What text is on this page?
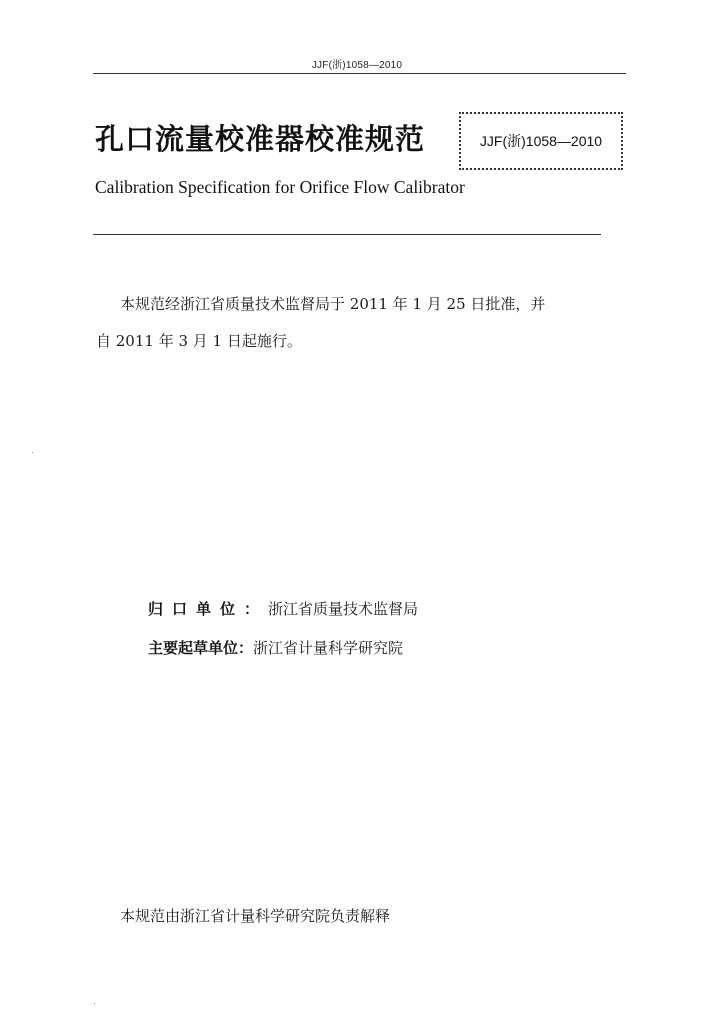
JJF(浙)1058—2010
孔口流量校准器校准规范	JJF(浙)1058—2010
Calibration Specification for Orifice Flow Calibrator
本规范经浙江省质量技术监督局于 2011 年 1 月 25 日批准，并
自 2011 年 3 月 1 日起施行。
归口单位： 浙江省质量技术监督局
主要起草单位： 浙江省计量科学研究院
本规范由浙江省计量科学研究院负责解释
